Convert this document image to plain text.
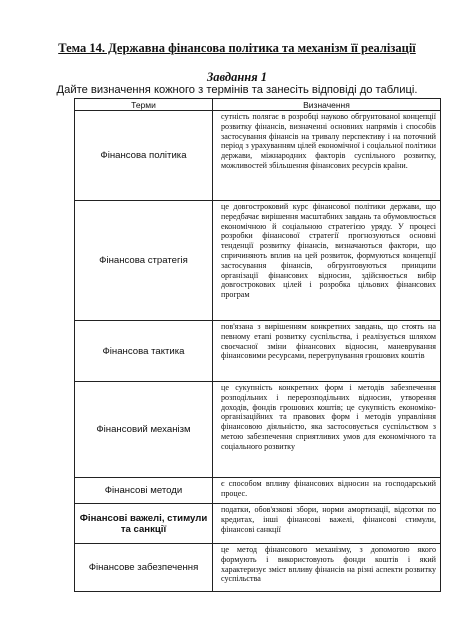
Тема 14. Державна фінансова політика та механізм її реалізації
Завдання 1
Дайте визначення кожного з термінів та занесіть відповіді до таблиці.
Терми	Визначення
Фінансова політика	сутність полягає в розробці науково обгрунтованої концепції розвитку фінансів, визначенні основних напрямів і способів застосування фінансів на тривалу перспективу і на поточний період з урахуванням цілей економічної і соціальної політики держави, міжнародних факторів суспільного розвитку, можливостей збільшення фінансових ресурсів країни.
Фінансова стратегія	це довгостроковий курс фінансової політики держави, що передбачає вирішення масштабних завдань та обумовлюється економічною й соціальною стратегією уряду. У процесі розробки фінансової стратегії прогнозуються основні тенденції розвитку фінансів, визначаються фактори, що спричиняють вплив на цей розвиток, формуються концепції застосування фінансів, обгрунтовуються принципи організації фінансових відносин, здійснюється вибір довгострокових цілей і розробка цільових фінансових програм
Фінансова тактика	пов'язана з вирішенням конкретних завдань, що стоять на певному етапі розвитку суспільства, і реалізується шляхом своєчасної зміни фінансових відносин, маневрування фінансовими ресурсами, перегрупування грошових коштів
Фінансовий механізм	це сукупність конкретних форм і методів забезпечення розподільних і перерозподільних відносин, утворення доходів, фондів грошових коштів; це сукупність економіко-організаційних та правових форм і методів управління фінансовою діяльністю, яка застосовується суспільством з метою забезпечення сприятливих умов для економічного та соціального розвитку
Фінансові методи	є способом впливу фінансових відносин на господарський процес.
Фінансові важелі, стимули та санкції	податки, обов'язкові збори, норми амортизації, відсотки по кредитах, інші фінансові важелі, фінансові стимули, фінансові санкції
Фінансове забезпечення	це метод фінансового механізму, з допомогою якого формують і використовують фонди коштів і який характеризує зміст впливу фінансів на різні аспекти розвитку суспільства
